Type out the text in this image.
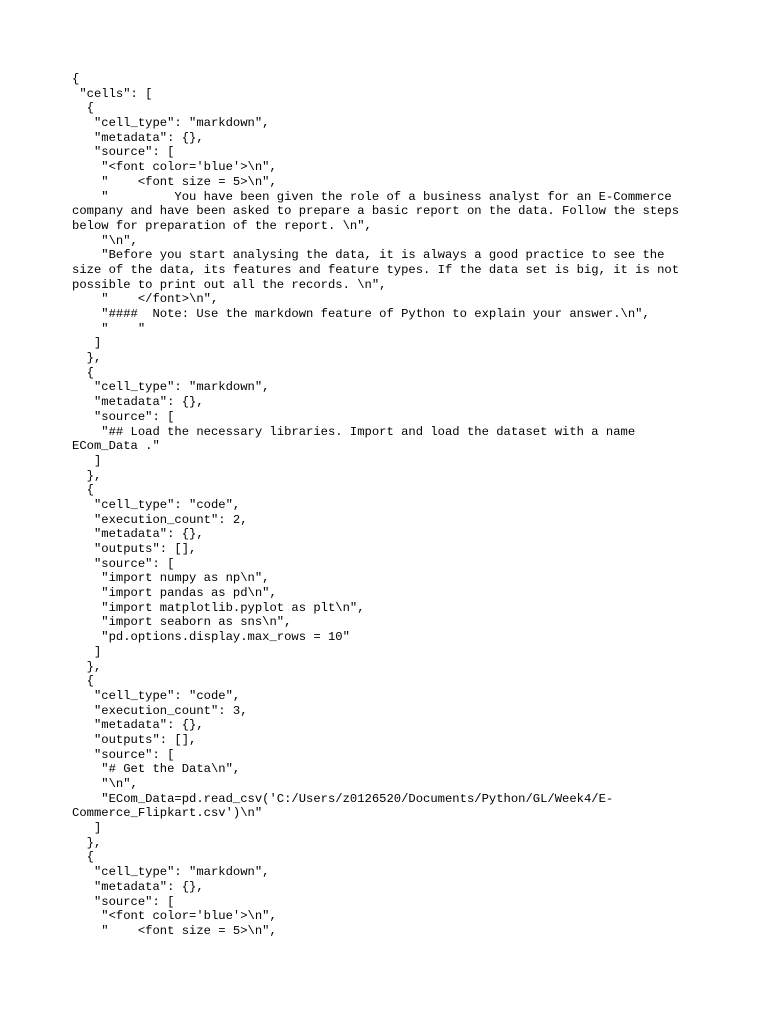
{
"cells": [
{
"cell_type": "markdown",
"metadata": {},
"source": [
"<font color='blue'>\n",
"    <font size = 5>\n",
"         You have been given the role of a business analyst for an E-Commerce
company and have been asked to prepare a basic report on the data. Follow the steps
below for preparation of the report. \n",
"\n",
"Before you start analysing the data, it is always a good practice to see the
size of the data, its features and feature types. If the data set is big, it is not
possible to print out all the records. \n",
"    </font>\n",
"####  Note: Use the markdown feature of Python to explain your answer.\n",
"    "
]
},
{
"cell_type": "markdown",
"metadata": {},
"source": [
"## Load the necessary libraries. Import and load the dataset with a name
ECom_Data ."
]
},
{
"cell_type": "code",
"execution_count": 2,
"metadata": {},
"outputs": [],
"source": [
"import numpy as np\n",
"import pandas as pd\n",
"import matplotlib.pyplot as plt\n",
"import seaborn as sns\n",
"pd.options.display.max_rows = 10"
]
},
{
"cell_type": "code",
"execution_count": 3,
"metadata": {},
"outputs": [],
"source": [
"# Get the Data\n",
"\n",
"ECom_Data=pd.read_csv('C:/Users/z0126520/Documents/Python/GL/Week4/E-
Commerce_Flipkart.csv')\n"
]
},
{
"cell_type": "markdown",
"metadata": {},
"source": [
"<font color='blue'>\n",
"    <font size = 5>\n",
